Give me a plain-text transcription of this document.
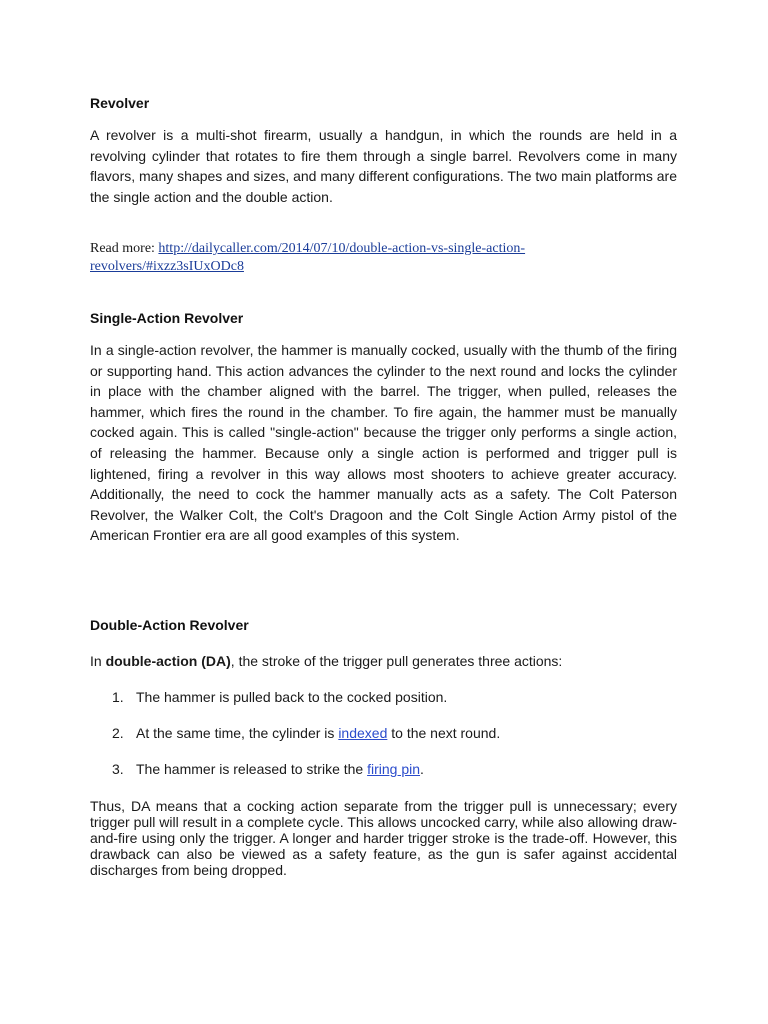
Revolver

A revolver is a multi-shot firearm, usually a handgun, in which the rounds are held in a revolving cylinder that rotates to fire them through a single barrel. Revolvers come in many flavors, many shapes and sizes, and many different configurations. The two main platforms are the single action and the double action.

Read more: http://dailycaller.com/2014/07/10/double-action-vs-single-action-revolvers/#ixzz3sIUxODc8

Single-Action Revolver

In a single-action revolver, the hammer is manually cocked, usually with the thumb of the firing or supporting hand. This action advances the cylinder to the next round and locks the cylinder in place with the chamber aligned with the barrel. The trigger, when pulled, releases the hammer, which fires the round in the chamber. To fire again, the hammer must be manually cocked again. This is called "single-action" because the trigger only performs a single action, of releasing the hammer. Because only a single action is performed and trigger pull is lightened, firing a revolver in this way allows most shooters to achieve greater accuracy. Additionally, the need to cock the hammer manually acts as a safety. The Colt Paterson Revolver, the Walker Colt, the Colt's Dragoon and the Colt Single Action Army pistol of the American Frontier era are all good examples of this system.

Double-Action Revolver

In double-action (DA), the stroke of the trigger pull generates three actions:

1. The hammer is pulled back to the cocked position.
2. At the same time, the cylinder is indexed to the next round.
3. The hammer is released to strike the firing pin.

Thus, DA means that a cocking action separate from the trigger pull is unnecessary; every trigger pull will result in a complete cycle. This allows uncocked carry, while also allowing draw-and-fire using only the trigger. A longer and harder trigger stroke is the trade-off. However, this drawback can also be viewed as a safety feature, as the gun is safer against accidental discharges from being dropped.
